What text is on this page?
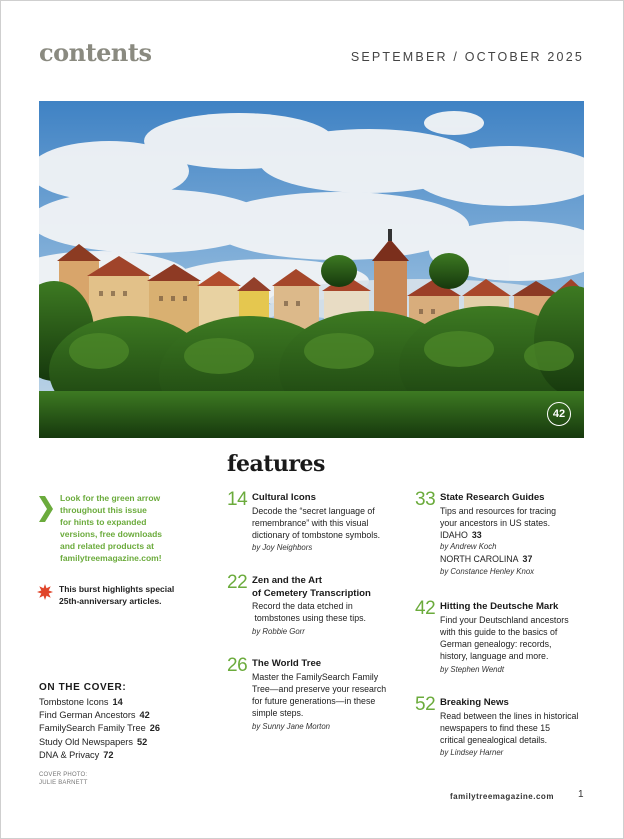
contents	SEPTEMBER / OCTOBER 2025
42
features
Look for the green arrow
throughout this issue
for hints to expanded
versions, free downloads
and related products at
familytreemagazine.com!
This burst highlights special
25th-anniversary articles.
ON THE COVER:
Tombstone Icons 14
Find German Ancestors 42
FamilySearch Family Tree 26
Study Old Newspapers 52
DNA & Privacy 72
COVER PHOTO:
JULIE BARNETT
14 Cultural Icons
Decode the “secret language of
remembrance” with this visual
dictionary of tombstone symbols.
by Joy Neighbors
22 Zen and the Art
of Cemetery Transcription
Record the data etched in
tombstones using these tips.
by Robbie Gorr
26 The World Tree
Master the FamilySearch Family
Tree—and preserve your research
for future generations—in these
simple steps.
by Sunny Jane Morton
33 State Research Guides
Tips and resources for tracing
your ancestors in US states.
IDAHO 33
by Andrew Koch
NORTH CAROLINA 37
by Constance Henley Knox
42 Hitting the Deutsche Mark
Find your Deutschland ancestors
with this guide to the basics of
German genealogy: records,
history, language and more.
by Stephen Wendt
52 Breaking News
Read between the lines in historical
newspapers to find these 15
critical genealogical details.
by Lindsey Harner
familytreemagazine.com 1
